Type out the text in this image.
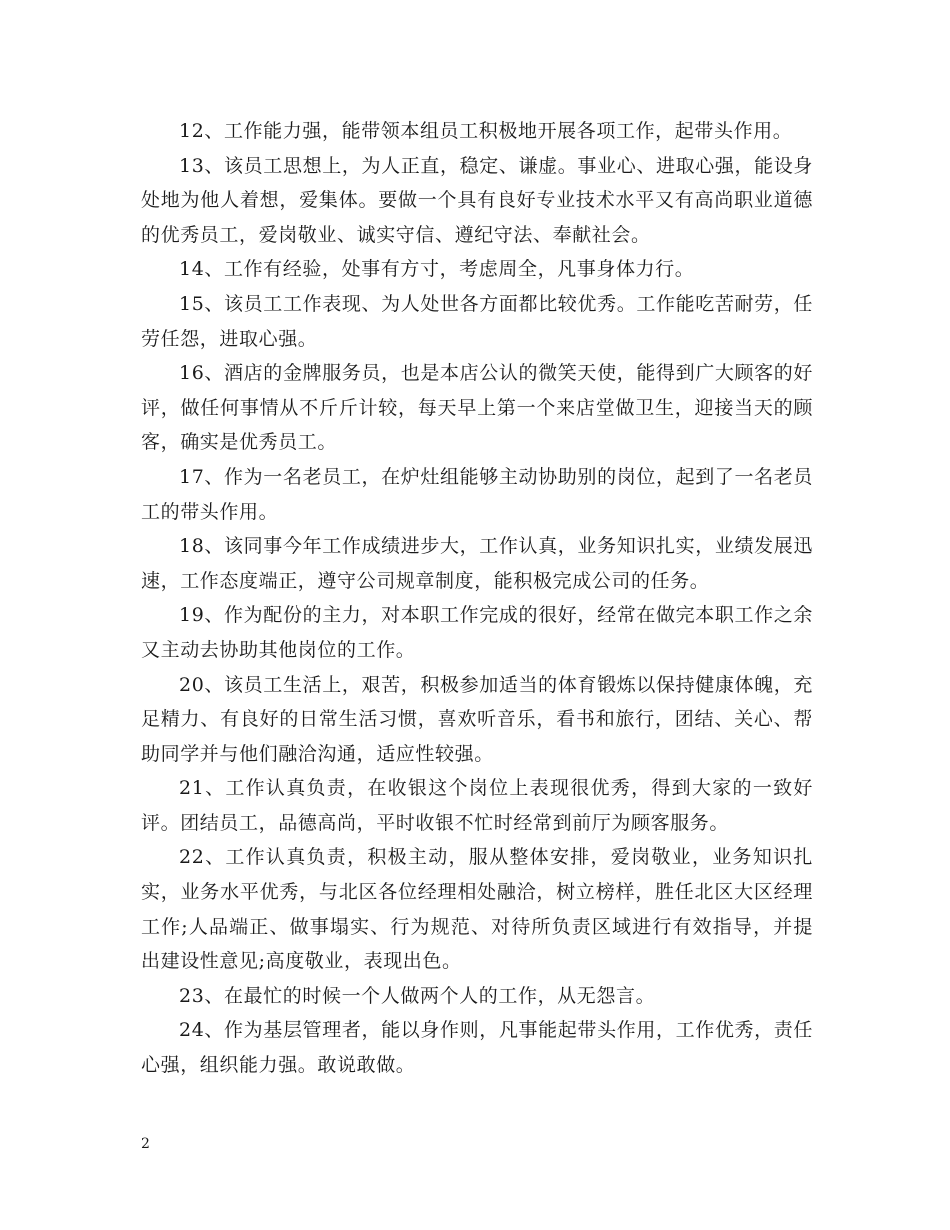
12、工作能力强，能带领本组员工积极地开展各项工作，起带头作用。

13、该员工思想上，为人正直，稳定、谦虚。事业心、进取心强，能设身处地为他人着想，爱集体。要做一个具有良好专业技术水平又有高尚职业道德的优秀员工，爱岗敬业、诚实守信、遵纪守法、奉献社会。

14、工作有经验，处事有方寸，考虑周全，凡事身体力行。

15、该员工工作表现、为人处世各方面都比较优秀。工作能吃苦耐劳，任劳任怨，进取心强。

16、酒店的金牌服务员，也是本店公认的微笑天使，能得到广大顾客的好评，做任何事情从不斤斤计较，每天早上第一个来店堂做卫生，迎接当天的顾客，确实是优秀员工。

17、作为一名老员工，在炉灶组能够主动协助别的岗位，起到了一名老员工的带头作用。

18、该同事今年工作成绩进步大，工作认真，业务知识扎实，业绩发展迅速，工作态度端正，遵守公司规章制度，能积极完成公司的任务。

19、作为配份的主力，对本职工作完成的很好，经常在做完本职工作之余又主动去协助其他岗位的工作。

20、该员工生活上，艰苦，积极参加适当的体育锻炼以保持健康体魄，充足精力、有良好的日常生活习惯，喜欢听音乐，看书和旅行，团结、关心、帮助同学并与他们融洽沟通，适应性较强。

21、工作认真负责，在收银这个岗位上表现很优秀，得到大家的一致好评。团结员工，品德高尚，平时收银不忙时经常到前厅为顾客服务。

22、工作认真负责，积极主动，服从整体安排，爱岗敬业，业务知识扎实，业务水平优秀，与北区各位经理相处融洽，树立榜样，胜任北区大区经理工作;人品端正、做事塌实、行为规范、对待所负责区域进行有效指导，并提出建设性意见;高度敬业，表现出色。

23、在最忙的时候一个人做两个人的工作，从无怨言。

24、作为基层管理者，能以身作则，凡事能起带头作用，工作优秀，责任心强，组织能力强。敢说敢做。

2
